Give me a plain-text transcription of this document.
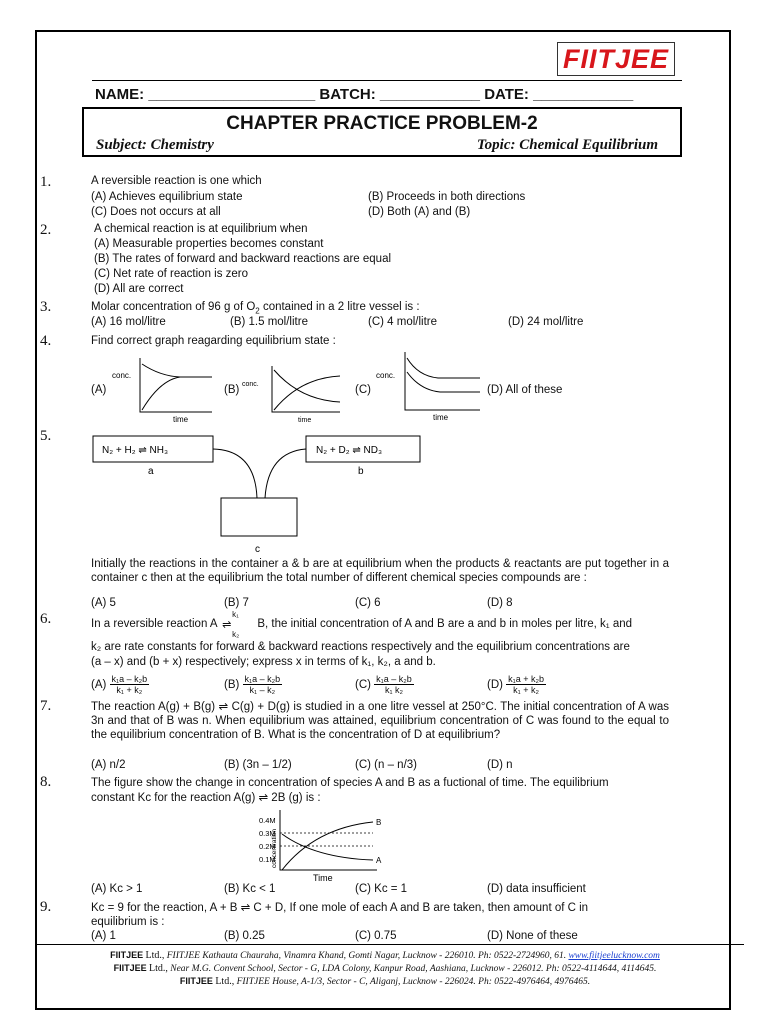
FIITJEE
NAME: ____________________ BATCH: ____________ DATE: ____________
CHAPTER PRACTICE PROBLEM-2
Subject: Chemistry	Topic: Chemical Equilibrium
1.	A reversible reaction is one which
(A) Achieves equilibrium state	(B) Proceeds in both directions
(C) Does not occurs at all	(D) Both (A) and (B)
2.	A chemical reaction is at equilibrium when
(A) Measurable properties becomes constant
(B) The rates of forward and backward reactions are equal
(C) Net rate of reaction is zero
(D) All are correct
3.	Molar concentration of 96 g of $O_2$ contained in a 2 litre vessel is :
(A) 16 mol/litre	(B) 1.5 mol/litre	(C) 4 mol/litre	(D) 24 mol/litre
4.	Find correct graph reagarding equilibrium state :
(A)	(B)	(C)	(D) All of these
conc.
time
conc.
time
conc.
time
5.
N₂ + H₂ ⇌ NH₃
a
N₂ + D₂ ⇌ ND₃
b
c
Initially the reactions in the container a & b are at equilibrium when the products & reactants are put together in a container c then at the equilibrium the total number of different chemical species compounds are :
(A) 5	(B) 7	(C) 6	(D) 8
6.	In a reversible reaction A
k₁
⇌
k₂
B, the initial concentration of A and B are a and b in moles per litre, k₁ and
k₂ are rate constants for forward & backward reactions respectively and the equilibrium concentrations are
(a – x) and (b + x) respectively; express x in terms of k₁, k₂, a and b.
$(A) \frac{\text{k₁a – k₂b}}{\text{k₁ + k₂}}$	$(B) \frac{\text{k₁a – k₂b}}{\text{k₁ – k₂}}$	$(C) \frac{\text{k₁a – k₂b}}{\text{k₁ k₂}}$	$(D) \frac{\text{k₁a + k₂b}}{\text{k₁ + k₂}}$
7.	The reaction A(g) + B(g) ⇌ C(g) + D(g) is studied in a one litre vessel at 250°C. The initial concentration of A was 3n and that of B was n. When equilibrium was attained, equilibrium concentration of C was found to the equal to the equilibrium concentration of B. What is the concentration of D at equilibrium?
(A) n/2	(B) (3n – 1/2)	(C) (n – n/3)	(D) n
8.	The figure show the change in concentration of species A and B as a fuctional of time. The equilibrium
constant Kc for the reaction A(g) ⇌ 2B (g) is :
0.4M
0.3M
0.2M
0.1M
B
A
Time
concentration
(A) Kc > 1	(B) Kc < 1	(C) Kc = 1	(D) data insufficient
9.	Kc = 9 for the reaction, A + B ⇌ C + D, If one mole of each A and B are taken, then amount of C in
equilibrium is :
(A) 1	(B) 0.25	(C) 0.75	(D) None of these
FIITJEE Ltd., FIITJEE Kathauta Chauraha, Vinamra Khand, Gomti Nagar, Lucknow - 226010. Ph: 0522-2724960, 61. www.fiitjeelucknow.com
FIITJEE Ltd., Near M.G. Convent School, Sector - G, LDA Colony, Kanpur Road, Aashiana, Lucknow - 226012. Ph: 0522-4114644, 4114645.
FIITJEE Ltd., FIITJEE House, A-1/3, Sector - C, Aliganj, Lucknow - 226024. Ph: 0522-4976464, 4976465.
